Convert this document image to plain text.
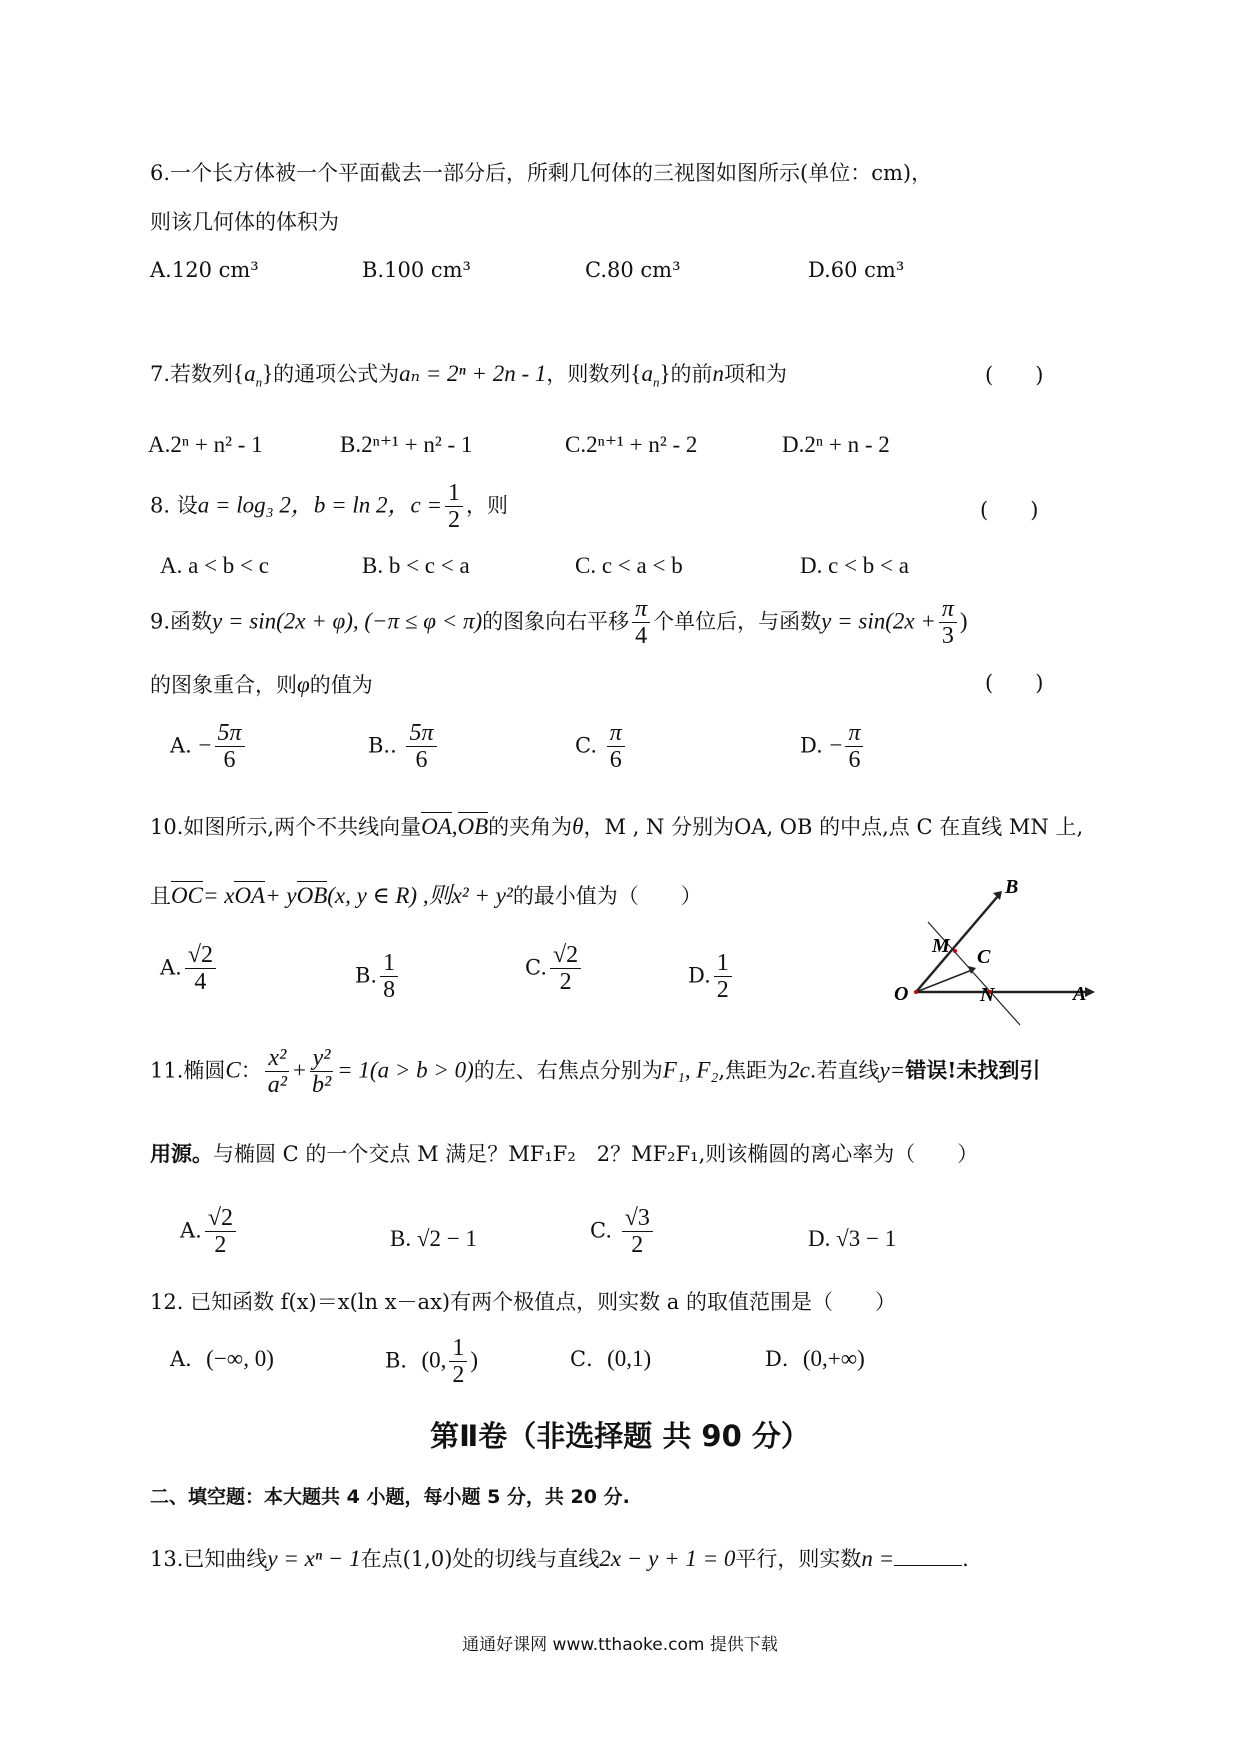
6.一个长方体被一个平面截去一部分后，所剩几何体的三视图如图所示(单位：cm)，
则该几何体的体积为
A.120 cm³	B.100 cm³	C.80 cm³	D.60 cm³
7.若数列$\{a_n\}$的通项公式为aₙ = 2ⁿ + 2n - 1，则数列$\{a_n\}$的前n项和为	(　　)
A.2ⁿ + n² - 1	B.2ⁿ⁺¹ + n² - 1	C.2ⁿ⁺¹ + n² - 2	D.2ⁿ + n - 2
8. 设a = log₃ 2，b = ln 2，$c = \frac{1}{2}$ ，则	(　　)
A. a < b < c	B. b < c < a	C. c < a < b	D. c < b < a
9.函数y = sin(2x + φ), (−π ≤ φ < π)的图象向右平移 $\frac{\pi}{4}$ 个单位后，与函数$y = \sin(2x + \frac{\pi}{3}$ )
的图象重合，则φ的值为	(　　)
A. − $\frac{5\pi}{6}$	B.. $\frac{5\pi}{6}$	C. $\frac{\pi}{6}$	D. − $\frac{\pi}{6}$
10.如图所示,两个不共线向量OA,OB的夹角为θ，M , N 分别为OA, OB 的中点,点 C 在直线 MN 上,
且OC= xOA+ yOB(x, y ∈ R) ,则x² + y²的最小值为（　　）
A. $\frac{√2}{4}$	B. $\frac{1}{8}$	C. $\frac{√2}{2}$	D. $\frac{1}{2}$
B
M C
O	N	A
11.椭圆C： $\frac{\text{x²}}{\text{a²}} + \frac{\text{y²}}{\text{b²}} = 1(a > b > 0)$的左、右焦点分别为F₁, F₂,焦距为2c.若直线y=错误!未找到引
用源。与椭圆 C 的一个交点 M 满足？MF₁F₂　2？MF₂F₁,则该椭圆的离心率为（　　）
A. $\frac{√2}{2}$	B. √2 − 1	C. $\frac{√3}{2}$	D. √3 − 1
12. 已知函数 f(x)＝x(ln x－ax)有两个极值点，则实数 a 的取值范围是（　　）
A．(−∞, 0)	B．(0, $\frac{1}{2}$ )	C．(0,1)	D．(0,+∞)
第Ⅱ卷（非选择题 共 90 分）
二、填空题：本大题共 4 小题，每小题 5 分，共 20 分.
13.已知曲线y = xⁿ − 1在点(1,0)处的切线与直线2x − y + 1 = 0平行，则实数n =	.
通通好课网 www.tthaoke.com 提供下载
